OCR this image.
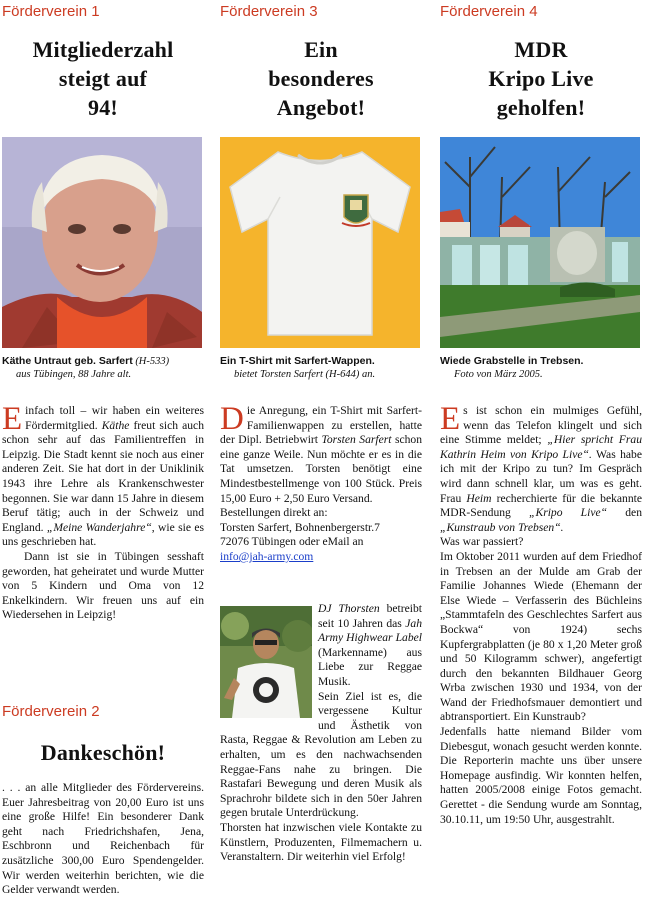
Förderverein 1
Mitgliederzahl
steigt auf
94!
Käthe Untraut geb. Sarfert (H-533)
aus Tübingen, 88 Jahre alt.

Einfach toll – wir haben ein weiteres Fördermitglied. Käthe freut sich auch schon sehr auf das Familientreffen in Leipzig. Die Stadt kennt sie noch aus einer anderen Zeit. Sie hat dort in der Uniklinik 1943 ihre Lehre als Krankenschwester begonnen. Sie war dann 15 Jahre in diesem Beruf tätig; auch in der Schweiz und England. „Meine Wanderjahre“, wie sie es uns geschrieben hat.

Dann ist sie in Tübingen sesshaft geworden, hat geheiratet und wurde Mutter von 5 Kindern und Oma von 12 Enkelkindern. Wir freuen uns auf ein Wiedersehen in Leipzig!

Förderverein 2
Dankeschön!

. . . an alle Mitglieder des Fördervereins. Euer Jahresbeitrag von 20,00 Euro ist uns eine große Hilfe! Ein besonderer Dank geht nach Friedrichshafen, Jena, Eschbronn und Reichenbach für zusätzliche 300,00 Euro Spendengelder. Wir werden weiterhin berichten, wie die Gelder verwandt werden.

Förderverein 3
Ein
besonderes
Angebot!
Ein T-Shirt mit Sarfert-Wappen.
bietet Torsten Sarfert (H-644) an.

Die Anregung, ein T-Shirt mit Sarfert-Familienwappen zu erstellen, hatte der Dipl. Betriebwirt Torsten Sarfert schon eine ganze Weile. Nun möchte er es in die Tat umsetzen. Torsten benötigt eine Mindestbestellmenge von 100 Stück. Preis 15,00 Euro + 2,50 Euro Versand.

Bestellungen direkt an:

Torsten Sarfert, Bohnenbergerstr.7

72076 Tübingen oder eMail an

info@jah-army.com

DJ Thorsten betreibt seit 10 Jahren das Jah Army Highwear Label (Markenname) aus Liebe zur Reggae Musik.

Sein Ziel ist es, die vergessene Kultur und Ästhetik von Rasta, Reggae & Revolution am Leben zu erhalten, um es den nachwachsenden Reggae-Fans nahe zu bringen. Die Rastafari Bewegung und deren Musik als Sprachrohr bildete sich in den 50er Jahren gegen brutale Unterdrückung.

Thorsten hat inzwischen viele Kontakte zu Künstlern, Produzenten, Filmemachern u. Veranstaltern. Dir weiterhin viel Erfolg!

Förderverein 4
MDR
Kripo Live
geholfen!
Wiede Grabstelle in Trebsen.
Foto von März 2005.

Es ist schon ein mulmiges Gefühl, wenn das Telefon klingelt und sich eine Stimme meldet; „Hier spricht Frau Kathrin Heim von Kripo Live“. Was habe ich mit der Kripo zu tun? Im Gespräch wird dann schnell klar, um was es geht. Frau Heim recherchierte für die bekannte MDR-Sendung „Kripo Live“ den „Kunstraub von Trebsen“.

Was war passiert?

Im Oktober 2011 wurden auf dem Friedhof in Trebsen an der Mulde am Grab der Familie Johannes Wiede (Ehemann der Else Wiede – Verfasserin des Büchleins „Stammtafeln des Geschlechtes Sarfert aus Bockwa“ von 1924) sechs Kupfergrabplatten (je 80 x 1,20 Meter groß und 50 Kilogramm schwer), angefertigt durch den bekannten Bildhauer Georg Wrba zwischen 1930 und 1934, von der Wand der Friedhofsmauer demontiert und abtransportiert. Ein Kunstraub?

Jedenfalls hatte niemand Bilder vom Diebesgut, wonach gesucht werden konnte. Die Reporterin machte uns über unsere Homepage ausfindig. Wir konnten helfen, hatten 2005/2008 einige Fotos gemacht. Gerettet - die Sendung wurde am Sonntag, 30.10.11, um 19:50 Uhr, ausgestrahlt.
